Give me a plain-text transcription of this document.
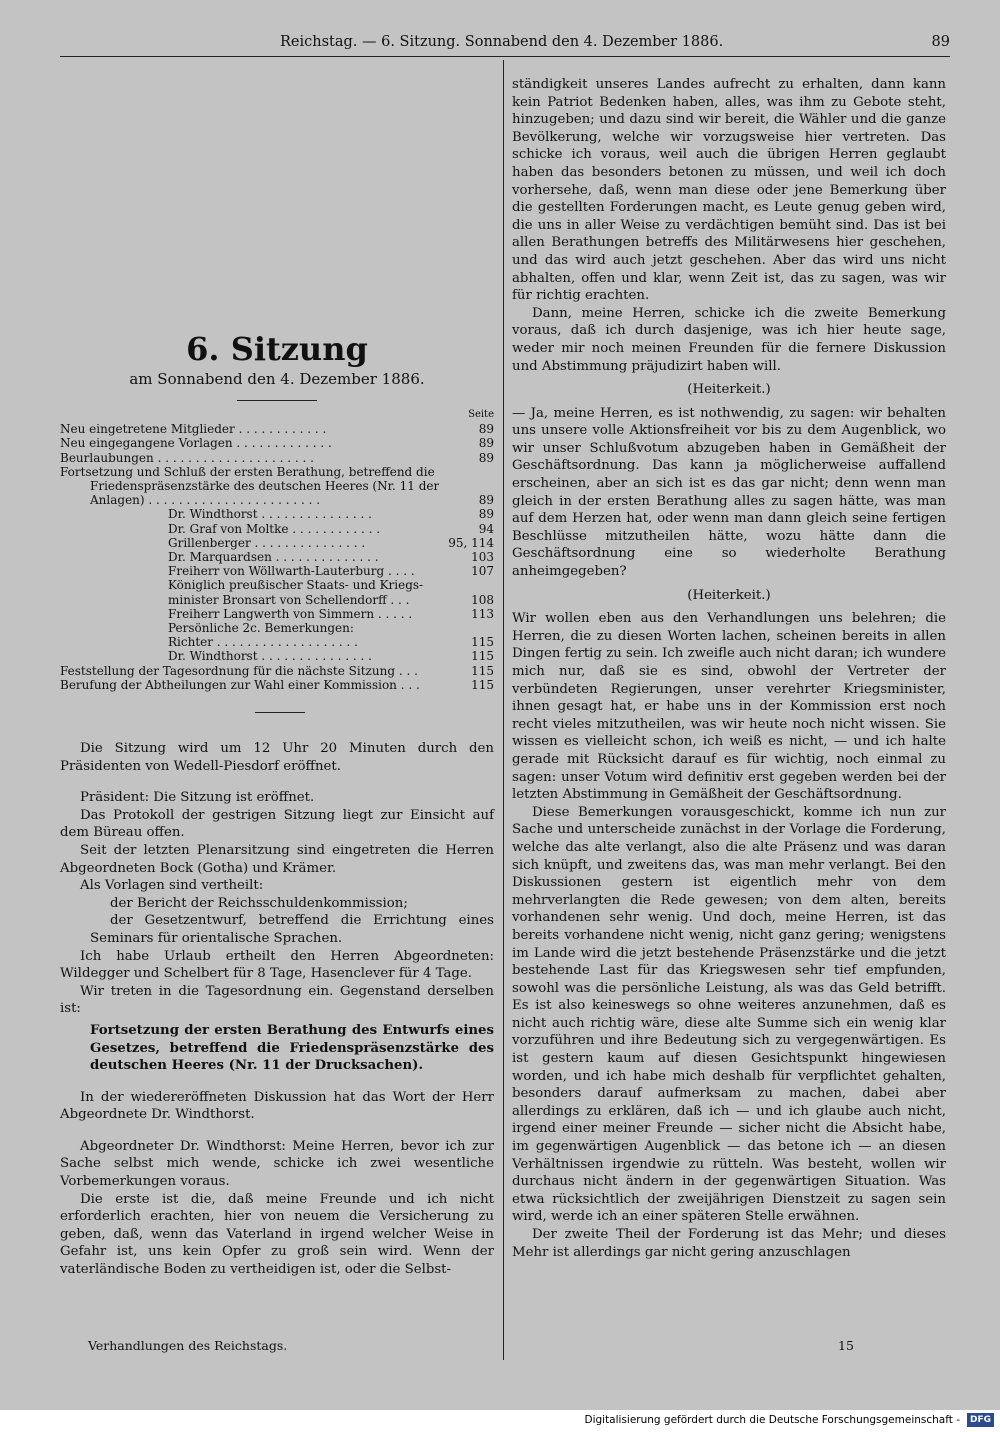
Reichstag. — 6. Sitzung. Sonnabend den 4. Dezember 1886.	89
6. Sitzung
am Sonnabend den 4. Dezember 1886.
Seite
Neu eingetretene Mitglieder . . . . . . . . . . . .	89
Neu eingegangene Vorlagen . . . . . . . . . . . . .	89
Beurlaubungen . . . . . . . . . . . . . . . . . . . . .	89
Fortsetzung und Schluß der ersten Berathung, betreffend die
Friedenspräsenzstärke des deutschen Heeres (Nr. 11 der
Anlagen) . . . . . . . . . . . . . . . . . . . . . . .	89
Dr. Windthorst . . . . . . . . . . . . . . .	89
Dr. Graf von Moltke . . . . . . . . . . . .	94
Grillenberger . . . . . . . . . . . . . . .	95, 114
Dr. Marquardsen . . . . . . . . . . . . . .	103
Freiherr von Wöllwarth-Lauterburg . . . .	107
Königlich preußischer Staats- und Kriegs-
minister Bronsart von Schellendorff . . .	108
Freiherr Langwerth von Simmern . . . . .	113
Persönliche 2c. Bemerkungen:
Richter . . . . . . . . . . . . . . . . . . .	115
Dr. Windthorst . . . . . . . . . . . . . . .	115
Feststellung der Tagesordnung für die nächste Sitzung . . .	115
Berufung der Abtheilungen zur Wahl einer Kommission . . .	115

Die Sitzung wird um 12 Uhr 20 Minuten durch den Präsidenten von Wedell-Piesdorf eröffnet.

Präsident: Die Sitzung ist eröffnet.

Das Protokoll der gestrigen Sitzung liegt zur Einsicht auf dem Büreau offen.

Seit der letzten Plenarsitzung sind eingetreten die Herren Abgeordneten Bock (Gotha) und Krämer.

Als Vorlagen sind vertheilt:

der Bericht der Reichsschuldenkommission;

der Gesetzentwurf, betreffend die Errichtung eines Seminars für orientalische Sprachen.

Ich habe Urlaub ertheilt den Herren Abgeordneten: Wildegger und Schelbert für 8 Tage, Hasenclever für 4 Tage.

Wir treten in die Tagesordnung ein. Gegenstand derselben ist:

Fortsetzung der ersten Berathung des Entwurfs eines Gesetzes, betreffend die Friedenspräsenzstärke des deutschen Heeres (Nr. 11 der Drucksachen).

In der wiedereröffneten Diskussion hat das Wort der Herr Abgeordnete Dr. Windthorst.

Abgeordneter Dr. Windthorst: Meine Herren, bevor ich zur Sache selbst mich wende, schicke ich zwei wesentliche Vorbemerkungen voraus.

Die erste ist die, daß meine Freunde und ich nicht erforderlich erachten, hier von neuem die Versicherung zu geben, daß, wenn das Vaterland in irgend welcher Weise in Gefahr ist, uns kein Opfer zu groß sein wird. Wenn der vaterländische Boden zu vertheidigen ist, oder die Selbst-

ständigkeit unseres Landes aufrecht zu erhalten, dann kann kein Patriot Bedenken haben, alles, was ihm zu Gebote steht, hinzugeben; und dazu sind wir bereit, die Wähler und die ganze Bevölkerung, welche wir vorzugsweise hier vertreten. Das schicke ich voraus, weil auch die übrigen Herren geglaubt haben das besonders betonen zu müssen, und weil ich doch vorhersehe, daß, wenn man diese oder jene Bemerkung über die gestellten Forderungen macht, es Leute genug geben wird, die uns in aller Weise zu verdächtigen bemüht sind. Das ist bei allen Berathungen betreffs des Militärwesens hier geschehen, und das wird auch jetzt geschehen. Aber das wird uns nicht abhalten, offen und klar, wenn Zeit ist, das zu sagen, was wir für richtig erachten.

Dann, meine Herren, schicke ich die zweite Bemerkung voraus, daß ich durch dasjenige, was ich hier heute sage, weder mir noch meinen Freunden für die fernere Diskussion und Abstimmung präjudizirt haben will.

(Heiterkeit.)

— Ja, meine Herren, es ist nothwendig, zu sagen: wir behalten uns unsere volle Aktionsfreiheit vor bis zu dem Augenblick, wo wir unser Schlußvotum abzugeben haben in Gemäßheit der Geschäftsordnung. Das kann ja möglicherweise auffallend erscheinen, aber an sich ist es das gar nicht; denn wenn man gleich in der ersten Berathung alles zu sagen hätte, was man auf dem Herzen hat, oder wenn man dann gleich seine fertigen Beschlüsse mitzutheilen hätte, wozu hätte dann die Geschäftsordnung eine so wiederholte Berathung anheimgegeben?

(Heiterkeit.)

Wir wollen eben aus den Verhandlungen uns belehren; die Herren, die zu diesen Worten lachen, scheinen bereits in allen Dingen fertig zu sein. Ich zweifle auch nicht daran; ich wundere mich nur, daß sie es sind, obwohl der Vertreter der verbündeten Regierungen, unser verehrter Kriegsminister, ihnen gesagt hat, er habe uns in der Kommission erst noch recht vieles mitzutheilen, was wir heute noch nicht wissen. Sie wissen es vielleicht schon, ich weiß es nicht, — und ich halte gerade mit Rücksicht darauf es für wichtig, noch einmal zu sagen: unser Votum wird definitiv erst gegeben werden bei der letzten Abstimmung in Gemäßheit der Geschäftsordnung.

Diese Bemerkungen vorausgeschickt, komme ich nun zur Sache und unterscheide zunächst in der Vorlage die Forderung, welche das alte verlangt, also die alte Präsenz und was daran sich knüpft, und zweitens das, was man mehr verlangt. Bei den Diskussionen gestern ist eigentlich mehr von dem mehrverlangten die Rede gewesen; von dem alten, bereits vorhandenen sehr wenig. Und doch, meine Herren, ist das bereits vorhandene nicht wenig, nicht ganz gering; wenigstens im Lande wird die jetzt bestehende Präsenzstärke und die jetzt bestehende Last für das Kriegswesen sehr tief empfunden, sowohl was die persönliche Leistung, als was das Geld betrifft. Es ist also keineswegs so ohne weiteres anzunehmen, daß es nicht auch richtig wäre, diese alte Summe sich ein wenig klar vorzuführen und ihre Bedeutung sich zu vergegenwärtigen. Es ist gestern kaum auf diesen Gesichtspunkt hingewiesen worden, und ich habe mich deshalb für verpflichtet gehalten, besonders darauf aufmerksam zu machen, dabei aber allerdings zu erklären, daß ich — und ich glaube auch nicht, irgend einer meiner Freunde — sicher nicht die Absicht habe, im gegenwärtigen Augenblick — das betone ich — an diesen Verhältnissen irgendwie zu rütteln. Was besteht, wollen wir durchaus nicht ändern in der gegenwärtigen Situation. Was etwa rücksichtlich der zweijährigen Dienstzeit zu sagen sein wird, werde ich an einer späteren Stelle erwähnen.

Der zweite Theil der Forderung ist das Mehr; und dieses Mehr ist allerdings gar nicht gering anzuschlagen

Verhandlungen des Reichstags.	15
Digitalisierung gefördert durch die Deutsche Forschungsgemeinschaft -	DFG
